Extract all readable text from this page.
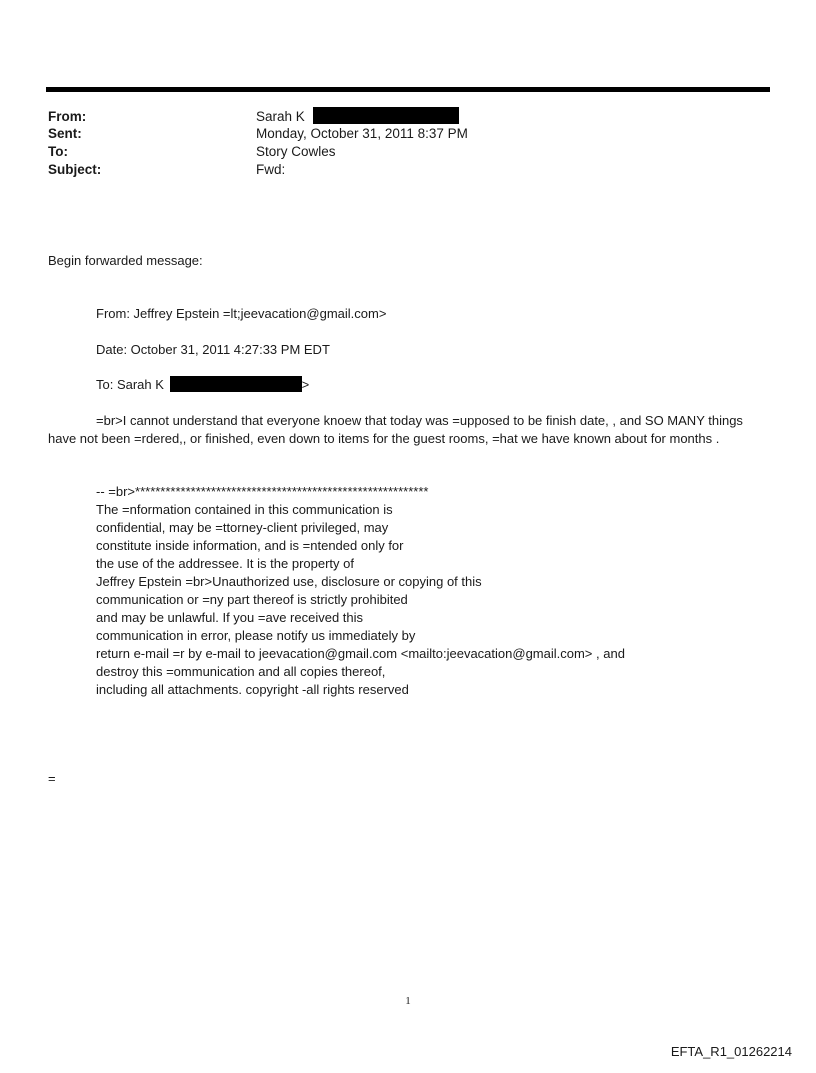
From:	Sarah K
Sent:	Monday, October 31, 2011 8:37 PM
To:	Story Cowles
Subject:	Fwd:
Begin forwarded message:
From: Jeffrey Epstein =lt;jeevacation@gmail.com>
Date: October 31, 2011 4:27:33 PM EDT
To: Sarah K	>
=br>I cannot understand that everyone knoew that today was =upposed to be finish date, , and SO MANY things have not been =rdered,, or finished, even down to items for the guest rooms, =hat we have known about for months .
-- =br>**********************************************************
The =nformation contained in this communication is
confidential, may be =ttorney-client privileged, may
constitute inside information, and is =ntended only for
the use of the addressee. It is the property of
Jeffrey Epstein =br>Unauthorized use, disclosure or copying of this
communication or =ny part thereof is strictly prohibited
and may be unlawful. If you =ave received this
communication in error, please notify us immediately by
return e-mail =r by e-mail to jeevacation@gmail.com <mailto:jeevacation@gmail.com> , and
destroy this =ommunication and all copies thereof,
including all attachments. copyright -all rights reserved
=
1
EFTA_R1_01262214
